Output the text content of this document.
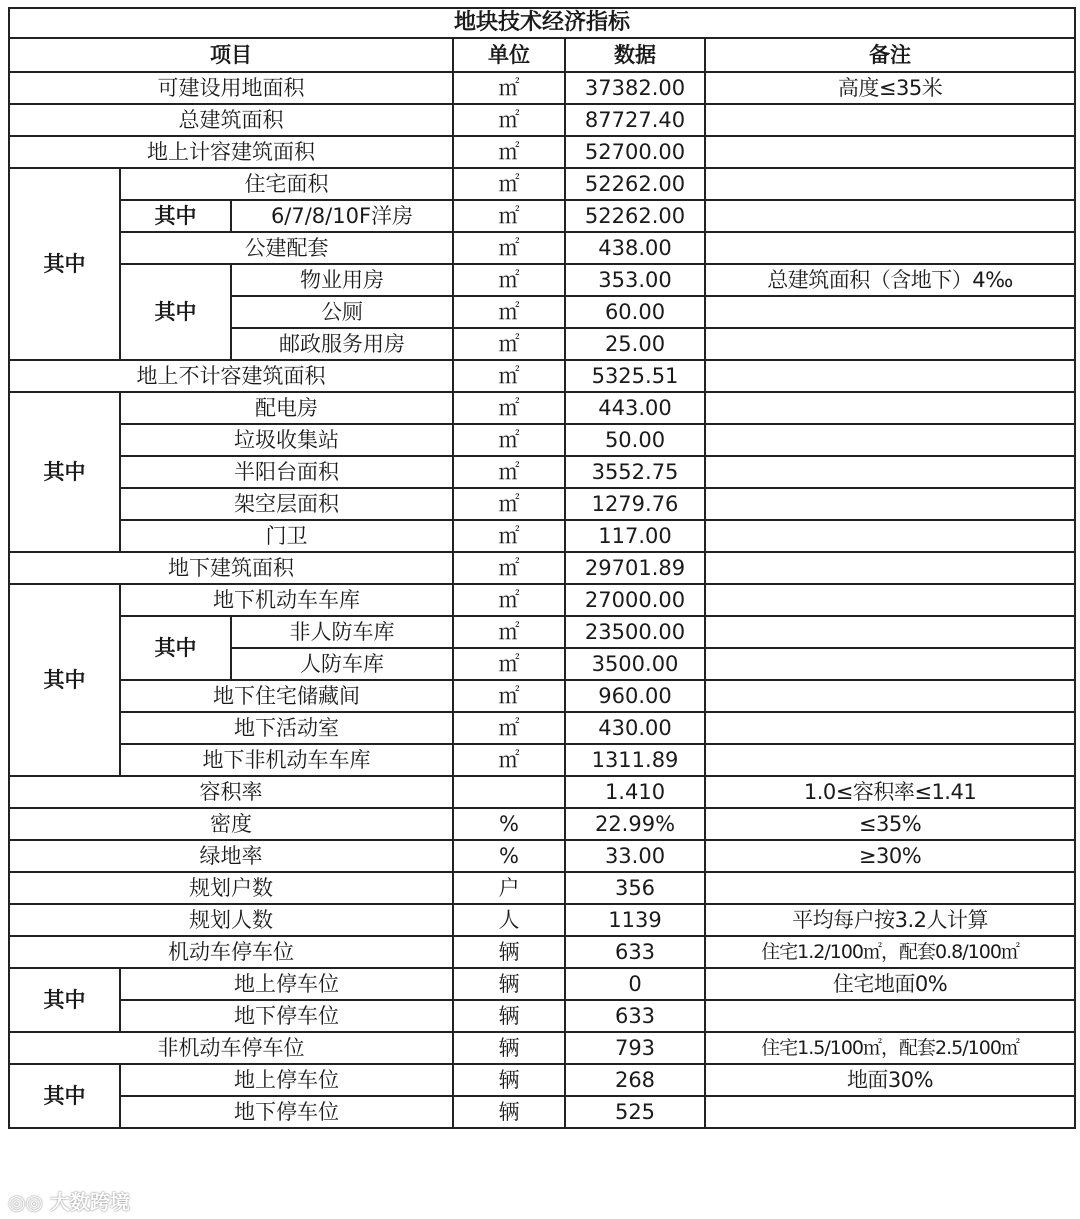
地块技术经济指标					
项目			单位	数据	备注
可建设用地面积			㎡	37382.00	高度≤35米
总建筑面积			㎡	87727.40	
地上计容建筑面积			㎡	52700.00	
其中	住宅面积		㎡	52262.00	
	其中	6/7/8/10F洋房	㎡	52262.00	
	公建配套		㎡	438.00	
	其中	物业用房	㎡	353.00	总建筑面积（含地下）4‰
		公厕	㎡	60.00	
		邮政服务用房	㎡	25.00	
地上不计容建筑面积			㎡	5325.51	
其中	配电房		㎡	443.00	
	垃圾收集站		㎡	50.00	
	半阳台面积		㎡	3552.75	
	架空层面积		㎡	1279.76	
	门卫		㎡	117.00	
地下建筑面积			㎡	29701.89	
其中	地下机动车车库		㎡	27000.00	
	其中	非人防车库	㎡	23500.00	
		人防车库	㎡	3500.00	
	地下住宅储藏间		㎡	960.00	
	地下活动室		㎡	430.00	
	地下非机动车车库		㎡	1311.89	
容积率				1.410	1.0≤容积率≤1.41
密度			%	22.99%	≤35%
绿地率			%	33.00	≥30%
规划户数			户	356	
规划人数			人	1139	平均每户按3.2人计算
机动车停车位			辆	633	住宅1.2/100㎡，配套0.8/100㎡
其中	地上停车位		辆	0	住宅地面0%
	地下停车位		辆	633	
非机动车停车位			辆	793	住宅1.5/100㎡，配套2.5/100㎡
其中	地上停车位		辆	268	地面30%
	地下停车位		辆	525	
◎◎ 大数跨境
